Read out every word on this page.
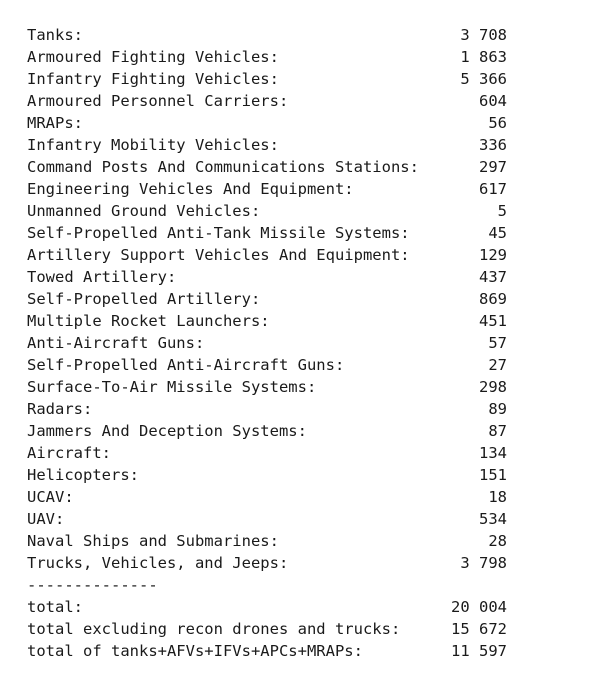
Tanks:	3 708
Armoured Fighting Vehicles:	1 863
Infantry Fighting Vehicles:	5 366
Armoured Personnel Carriers:	604
MRAPs:	56
Infantry Mobility Vehicles:	336
Command Posts And Communications Stations:	297
Engineering Vehicles And Equipment:	617
Unmanned Ground Vehicles:	5
Self-Propelled Anti-Tank Missile Systems:	45
Artillery Support Vehicles And Equipment:	129
Towed Artillery:	437
Self-Propelled Artillery:	869
Multiple Rocket Launchers:	451
Anti-Aircraft Guns:	57
Self-Propelled Anti-Aircraft Guns:	27
Surface-To-Air Missile Systems:	298
Radars:	89
Jammers And Deception Systems:	87
Aircraft:	134
Helicopters:	151
UCAV:	18
UAV:	534
Naval Ships and Submarines:	28
Trucks, Vehicles, and Jeeps:	3 798
--------------
total:	20 004
total excluding recon drones and trucks:	15 672
total of tanks+AFVs+IFVs+APCs+MRAPs:	11 597
